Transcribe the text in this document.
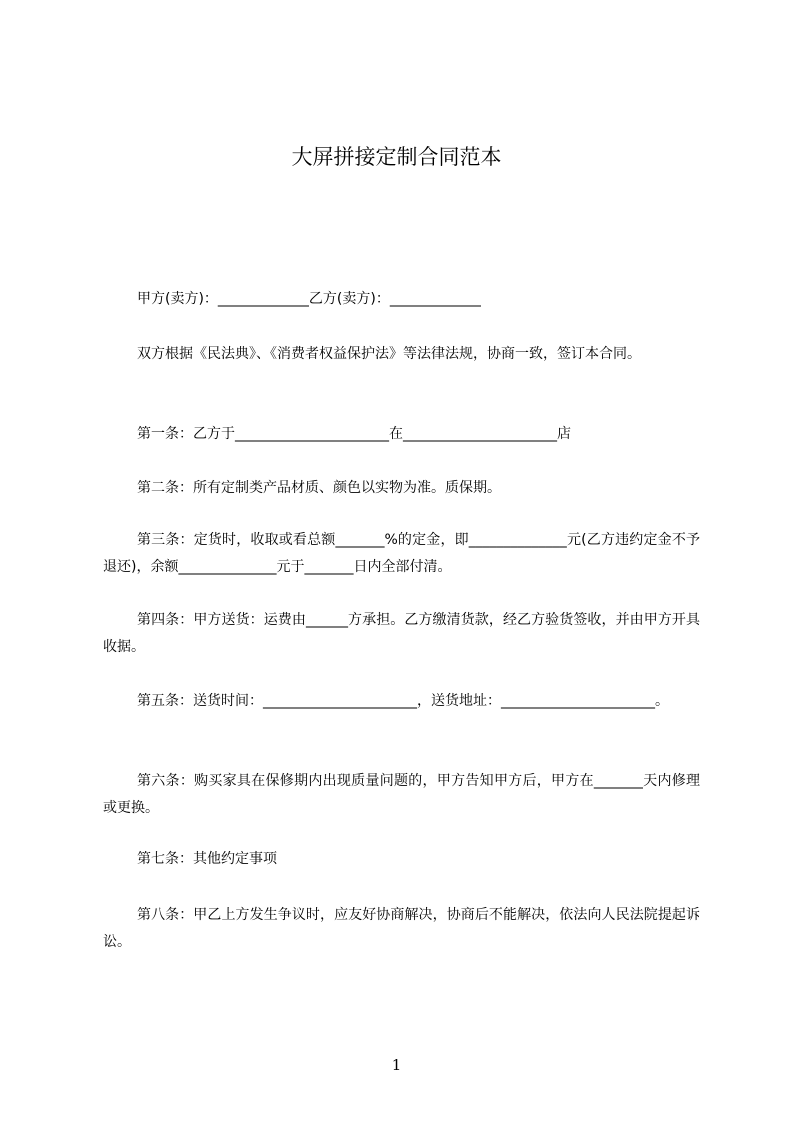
大屏拼接定制合同范本
甲方(卖方)：_____________乙方(卖方)：_____________
双方根据《民法典》、《消费者权益保护法》等法律法规，协商一致，签订本合同。
第一条：乙方于______________________在______________________店
第二条：所有定制类产品材质、颜色以实物为准。质保期。
第三条：定货时，收取或看总额_______%的定金，即______________元(乙方违约定金不予退还)，余额______________元于_______日内全部付清。
第四条：甲方送货：运费由______方承担。乙方缴清货款，经乙方验货签收，并由甲方开具收据。
第五条：送货时间：______________________，送货地址：______________________。
第六条：购买家具在保修期内出现质量问题的，甲方告知甲方后，甲方在_______天内修理或更换。
第七条：其他约定事项
第八条：甲乙上方发生争议时，应友好协商解决，协商后不能解决，依法向人民法院提起诉讼。
1
